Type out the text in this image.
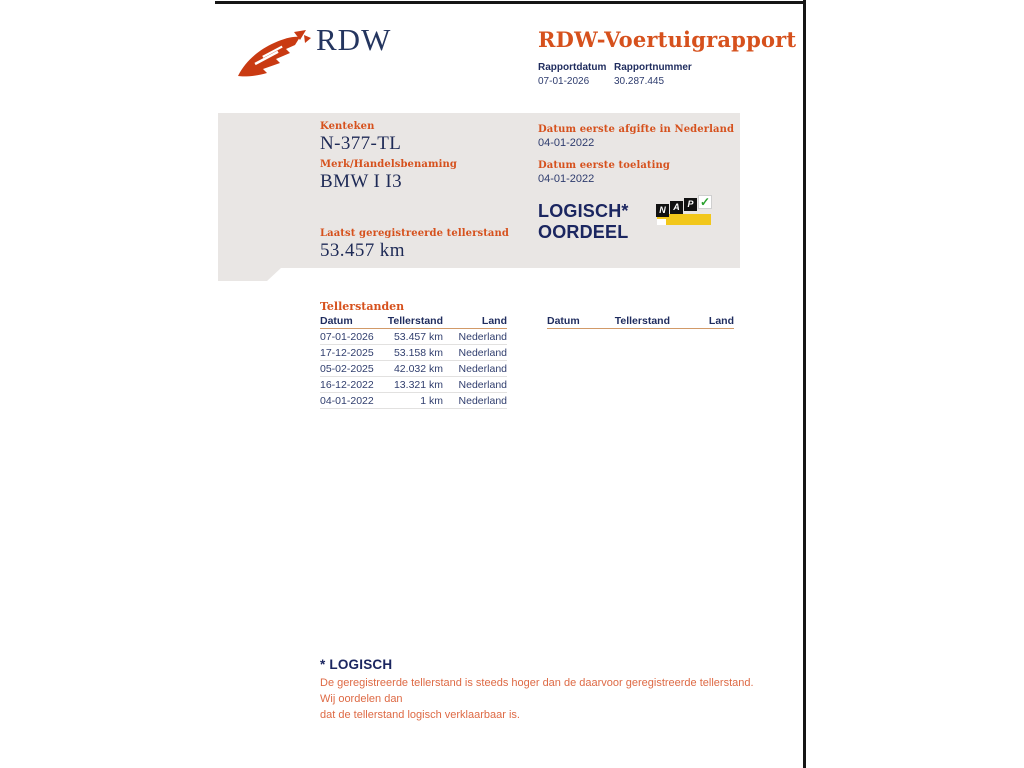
RDW	RDW-Voertuigrapport
Rapportdatum Rapportnummer
07-01-2026 30.287.445
Kenteken
N-377-TL
Merk/Handelsbenaming
BMW I I3
Laatst geregistreerde tellerstand
53.457 km
Datum eerste afgifte in Nederland
04-01-2022
Datum eerste toelating
04-01-2022
LOGISCH*
OORDEEL
N A P ✓
Tellerstanden
Datum	Tellerstand	Land
07-01-2026	53.457 km	Nederland
17-12-2025	53.158 km	Nederland
05-02-2025	42.032 km	Nederland
16-12-2022	13.321 km	Nederland
04-01-2022	1 km	Nederland
Datum	Tellerstand	Land
* LOGISCH
De geregistreerde tellerstand is steeds hoger dan de daarvoor geregistreerde tellerstand. Wij oordelen dan
dat de tellerstand logisch verklaarbaar is.
